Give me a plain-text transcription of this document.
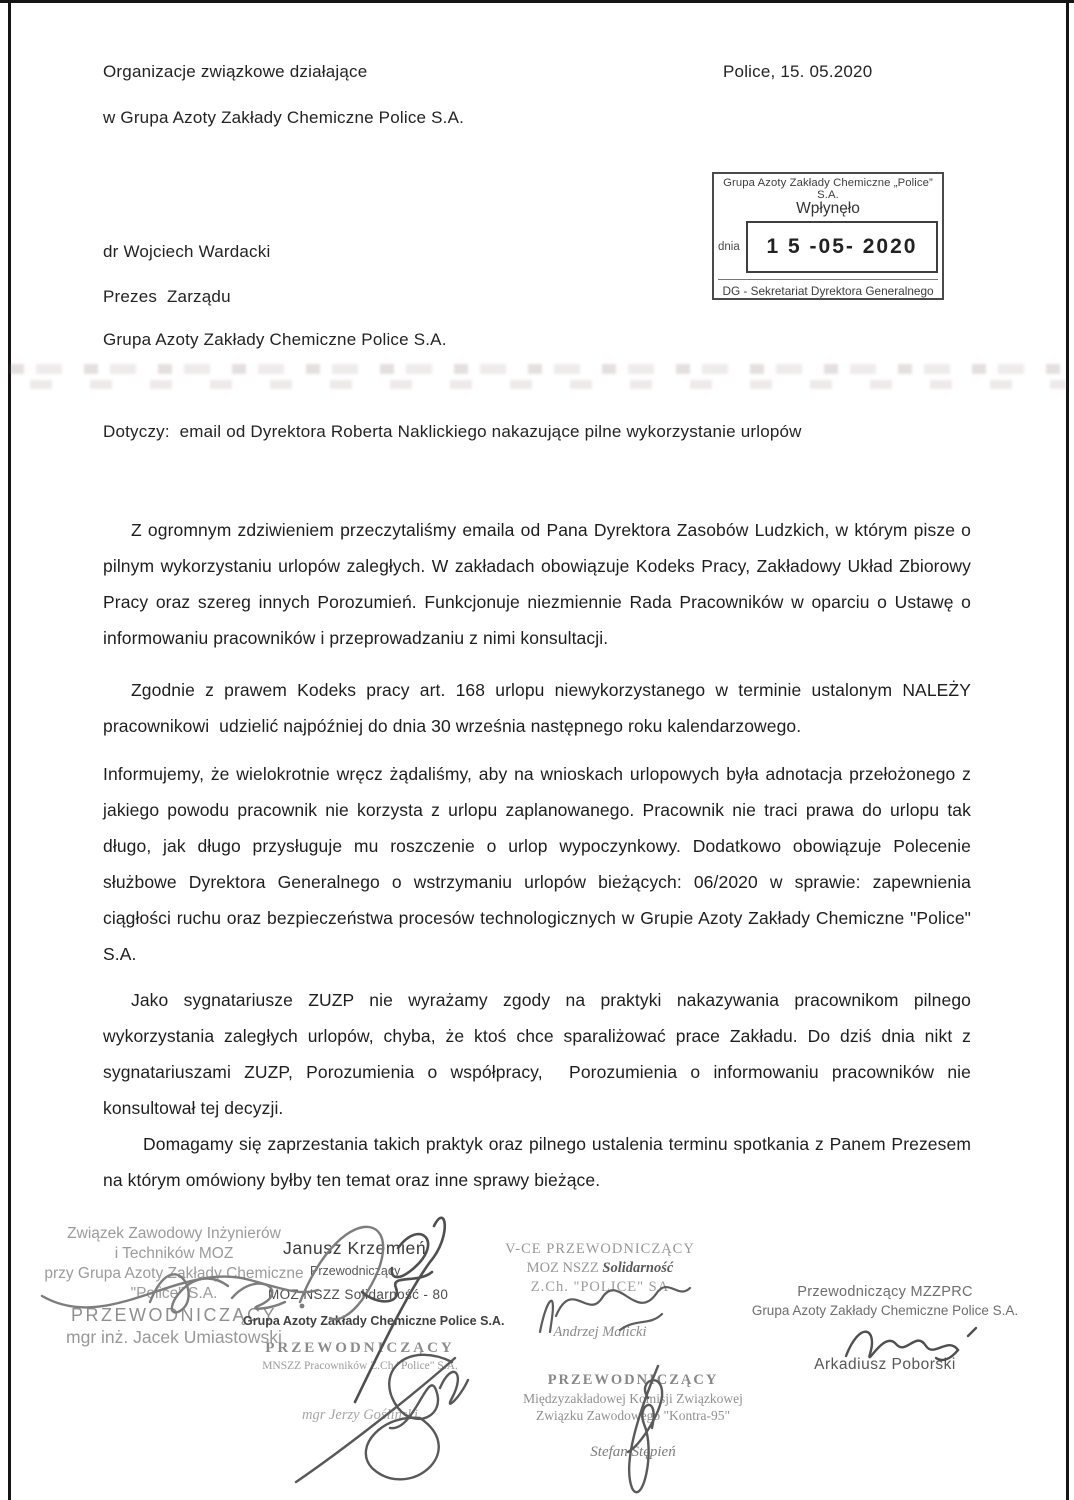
Organizacje związkowe działające	Police, 15. 05.2020
w Grupa Azoty Zakłady Chemiczne Police S.A.
Grupa Azoty Zakłady Chemiczne „Police” S.A.
Wpłynęło
dnia	1 5 -05- 2020
DG - Sekretariat Dyrektora Generalnego
dr Wojciech Wardacki
Prezes  Zarządu
Grupa Azoty Zakłady Chemiczne Police S.A.
Dotyczy: email od Dyrektora Roberta Naklickiego nakazujące pilne wykorzystanie urlopów

Z ogromnym zdziwieniem przeczytaliśmy emaila od Pana Dyrektora Zasobów Ludzkich, w którym pisze o pilnym wykorzystaniu urlopów zaległych. W zakładach obowiązuje Kodeks Pracy, Zakładowy Układ Zbiorowy Pracy oraz szereg innych Porozumień. Funkcjonuje niezmiennie Rada Pracowników w oparciu o Ustawę o informowaniu pracowników i przeprowadzaniu z nimi konsultacji.

Zgodnie z prawem Kodeks pracy art. 168 urlopu niewykorzystanego w terminie ustalonym NALEŻY pracownikowi  udzielić najpóźniej do dnia 30 września następnego roku kalendarzowego.

Informujemy, że wielokrotnie wręcz żądaliśmy, aby na wnioskach urlopowych była adnotacja przełożonego z jakiego powodu pracownik nie korzysta z urlopu zaplanowanego. Pracownik nie traci prawa do urlopu tak długo, jak długo przysługuje mu roszczenie o urlop wypoczynkowy. Dodatkowo obowiązuje Polecenie służbowe Dyrektora Generalnego o wstrzymaniu urlopów bieżących: 06/2020 w sprawie: zapewnienia ciągłości ruchu oraz bezpieczeństwa procesów technologicznych w Grupie Azoty Zakłady Chemiczne "Police" S.A.

Jako sygnatariusze ZUZP nie wyrażamy zgody na praktyki nakazywania pracownikom pilnego wykorzystania zaległych urlopów, chyba, że ktoś chce sparaliżować prace Zakładu. Do dziś dnia nikt z sygnatariuszami ZUZP, Porozumienia o współpracy,  Porozumienia o informowaniu pracowników nie konsultował tej decyzji.

Domagamy się zaprzestania takich praktyk oraz pilnego ustalenia terminu spotkania z Panem Prezesem na którym omówiony byłby ten temat oraz inne sprawy bieżące.

Związek Zawodowy Inżynierów
i Techników MOZ
przy Grupa Azoty Zakłady Chemiczne
"Police" S.A.
PRZEWODNICZĄCY
mgr inż. Jacek Umiastowski
Janusz Krzemień
Przewodniczący
MOZ NSZZ Solidarność - 80
Grupa Azoty Zakłady Chemiczne Police S.A.
PRZEWODNICZĄCY
MNSZZ Pracowników Z.Ch."Police" S.A.
mgr Jerzy Gośliński
V-CE PRZEWODNICZĄCY
MOZ NSZZ Solidarność
Z.Ch. "POLICE" SA
Andrzej Malicki
PRZEWODNICZĄCY
Międzyzakładowej Komisji Związkowej
Związku Zawodowego "Kontra-95"
Stefan Stępień
Przewodniczący MZZPRC
Grupa Azoty Zakłady Chemiczne Police S.A.
Arkadiusz Poborski
